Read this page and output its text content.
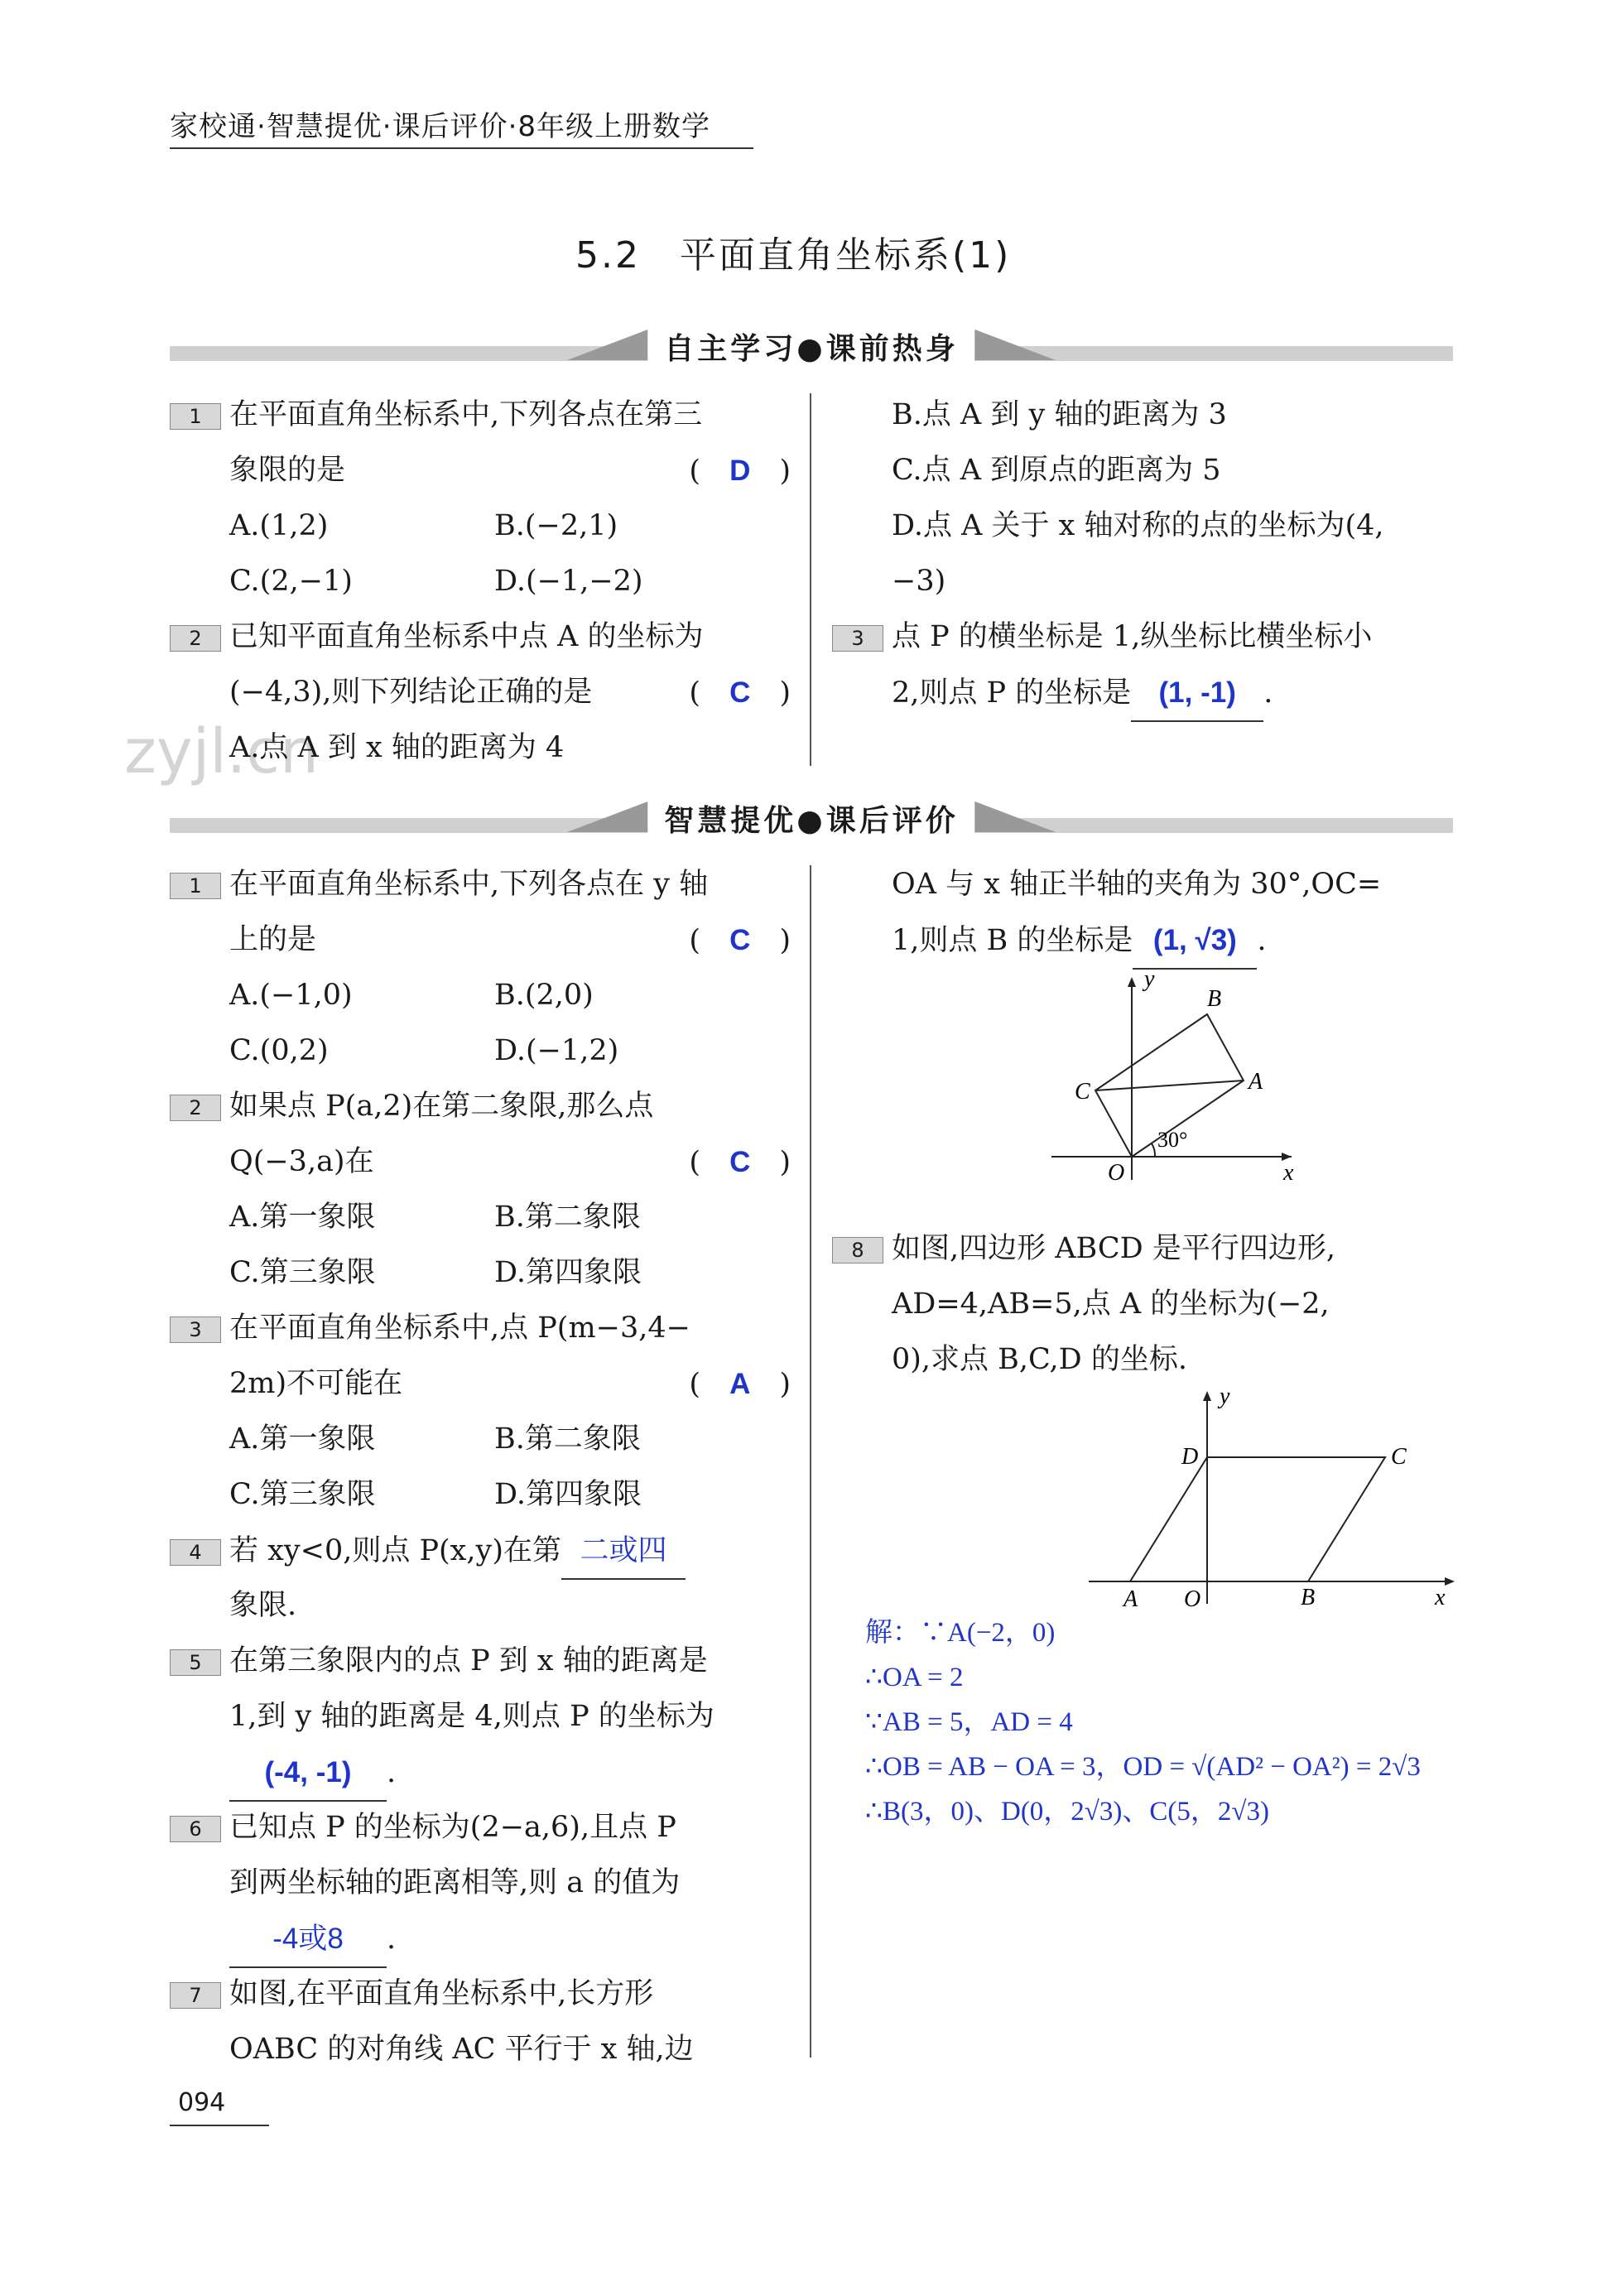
家校通·智慧提优·课后评价·8年级上册数学
5.2　平面直角坐标系(1)
zyjl.cn
自主学习●课前热身
1 在平面直角坐标系中,下列各点在第三
象限的是	(　D　)
A.(1,2)	B.(−2,1)
C.(2,−1)	D.(−1,−2)
2 已知平面直角坐标系中点 A 的坐标为
(−4,3),则下列结论正确的是	(　C　)
A.点 A 到 x 轴的距离为 4
B.点 A 到 y 轴的距离为 3
C.点 A 到原点的距离为 5
D.点 A 关于 x 轴对称的点的坐标为(4,
−3)
3 点 P 的横坐标是 1,纵坐标比横坐标小
2,则点 P 的坐标是 (1, -1) .
智慧提优●课后评价
1 在平面直角坐标系中,下列各点在 y 轴
上的是	(　C　)
A.(−1,0)	B.(2,0)
C.(0,2)	D.(−1,2)
2 如果点 P(a,2)在第二象限,那么点
Q(−3,a)在	(　C　)
A.第一象限	B.第二象限
C.第三象限	D.第四象限
3 在平面直角坐标系中,点 P(m−3,4−
2m)不可能在	(　A　)
A.第一象限	B.第二象限
C.第三象限	D.第四象限
4 若 xy<0,则点 P(x,y)在第 二或四
象限.
5 在第三象限内的点 P 到 x 轴的距离是
1,到 y 轴的距离是 4,则点 P 的坐标为
(-4, -1) .
6 已知点 P 的坐标为(2−a,6),且点 P
到两坐标轴的距离相等,则 a 的值为
-4或8 .
7 如图,在平面直角坐标系中,长方形
OABC 的对角线 AC 平行于 x 轴,边
OA 与 x 轴正半轴的夹角为 30°,OC=
1,则点 B 的坐标是 (1, √3) .
y
x
O
A
B
C
30°
8 如图,四边形 ABCD 是平行四边形,
AD=4,AB=5,点 A 的坐标为(−2,
0),求点 B,C,D 的坐标.
y
x
O
A	B
C
D
解：∵A(−2，0)
∴OA = 2
∵AB = 5，AD = 4
∴OB = AB − OA = 3，OD = √(AD² − OA²) = 2√3
∴B(3，0)、D(0，2√3)、C(5，2√3)
094
